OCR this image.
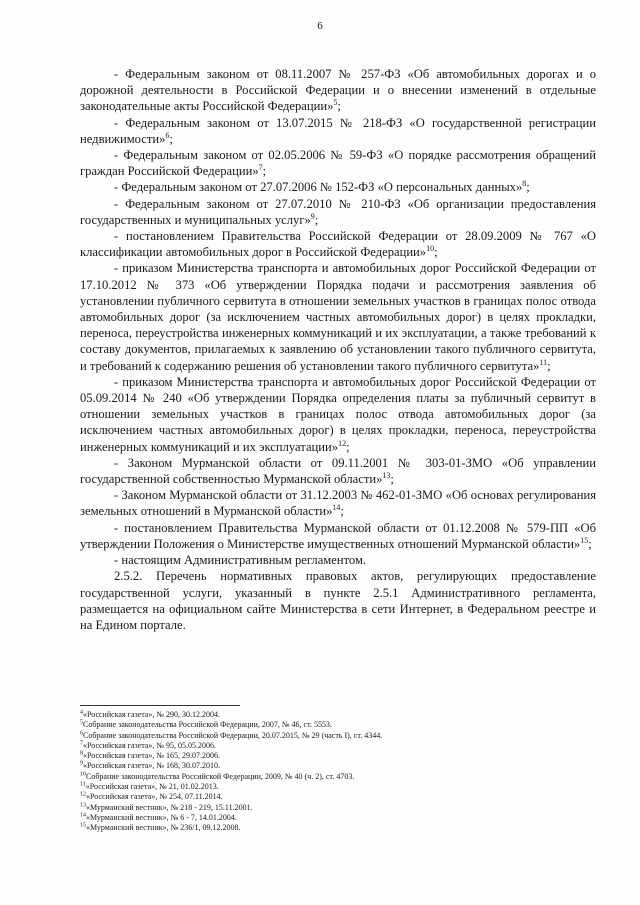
6

- Федеральным законом от 08.11.2007 № 257-ФЗ «Об автомобильных дорогах и о дорожной деятельности в Российской Федерации и о внесении изменений в отдельные законодательные акты Российской Федерации»$^5$;

- Федеральным законом от 13.07.2015 № 218-ФЗ «О государственной регистрации недвижимости»$^6$;

- Федеральным законом от 02.05.2006 № 59-ФЗ «О порядке рассмотрения обращений граждан Российской Федерации»$^7$;

- Федеральным законом от 27.07.2006 № 152-ФЗ «О персональных данных»$^8$;

- Федеральным законом от 27.07.2010 № 210-ФЗ «Об организации предоставления государственных и муниципальных услуг»$^9$;

- постановлением Правительства Российской Федерации от 28.09.2009 № 767 «О классификации автомобильных дорог в Российской Федерации»$^{10}$;

- приказом Министерства транспорта и автомобильных дорог Российской Федерации от 17.10.2012 № 373 «Об утверждении Порядка подачи и рассмотрения заявления об установлении публичного сервитута в отношении земельных участков в границах полос отвода автомобильных дорог (за исключением частных автомобильных дорог) в целях прокладки, переноса, переустройства инженерных коммуникаций и их эксплуатации, а также требований к составу документов, прилагаемых к заявлению об установлении такого публичного сервитута, и требований к содержанию решения об установлении такого публичного сервитута»$^{11}$;

- приказом Министерства транспорта и автомобильных дорог Российской Федерации от 05.09.2014 № 240 «Об утверждении Порядка определения платы за публичный сервитут в отношении земельных участков в границах полос отвода автомобильных дорог (за исключением частных автомобильных дорог) в целях прокладки, переноса, переустройства инженерных коммуникаций и их эксплуатации»$^{12}$;

- Законом Мурманской области от 09.11.2001 № 303-01-ЗМО «Об управлении государственной собственностью Мурманской области»$^{13}$;

- Законом Мурманской области от 31.12.2003 № 462-01-ЗМО «Об основах регулирования земельных отношений в Мурманской области»$^{14}$;

- постановлением Правительства Мурманской области от 01.12.2008 № 579-ПП «Об утверждении Положения о Министерстве имущественных отношений Мурманской области»$^{15}$;

- настоящим Административным регламентом.

2.5.2. Перечень нормативных правовых актов, регулирующих предоставление государственной услуги, указанный в пункте 2.5.1 Административного регламента, размещается на официальном сайте Министерства в сети Интернет, в Федеральном реестре и на Едином портале.

$^4$«Российская газета», № 290, 30.12.2004.

$^5$Собрание законодательства Российской Федерации, 2007, № 46, ст. 5553.

$^6$Собрание законодательства Российской Федерации, 20.07.2015, № 29 (часть I), ст. 4344.

$^7$«Российская газета», № 95, 05.05.2006.

$^8$«Российская газета», № 165, 29.07.2006.

$^9$«Российская газета», № 168, 30.07.2010.

$^{10}$Собрание законодательства Российской Федерации, 2009, № 40 (ч. 2), ст. 4703.

$^{11}$«Российская газета», № 21, 01.02.2013.

$^{12}$«Российская газета», № 254, 07.11.2014.

$^{13}$«Мурманский вестник», № 218 - 219, 15.11.2001.

$^{14}$«Мурманский вестник», № 6 - 7, 14.01.2004.

$^{15}$«Мурманский вестник», № 236/1, 09.12.2008.
